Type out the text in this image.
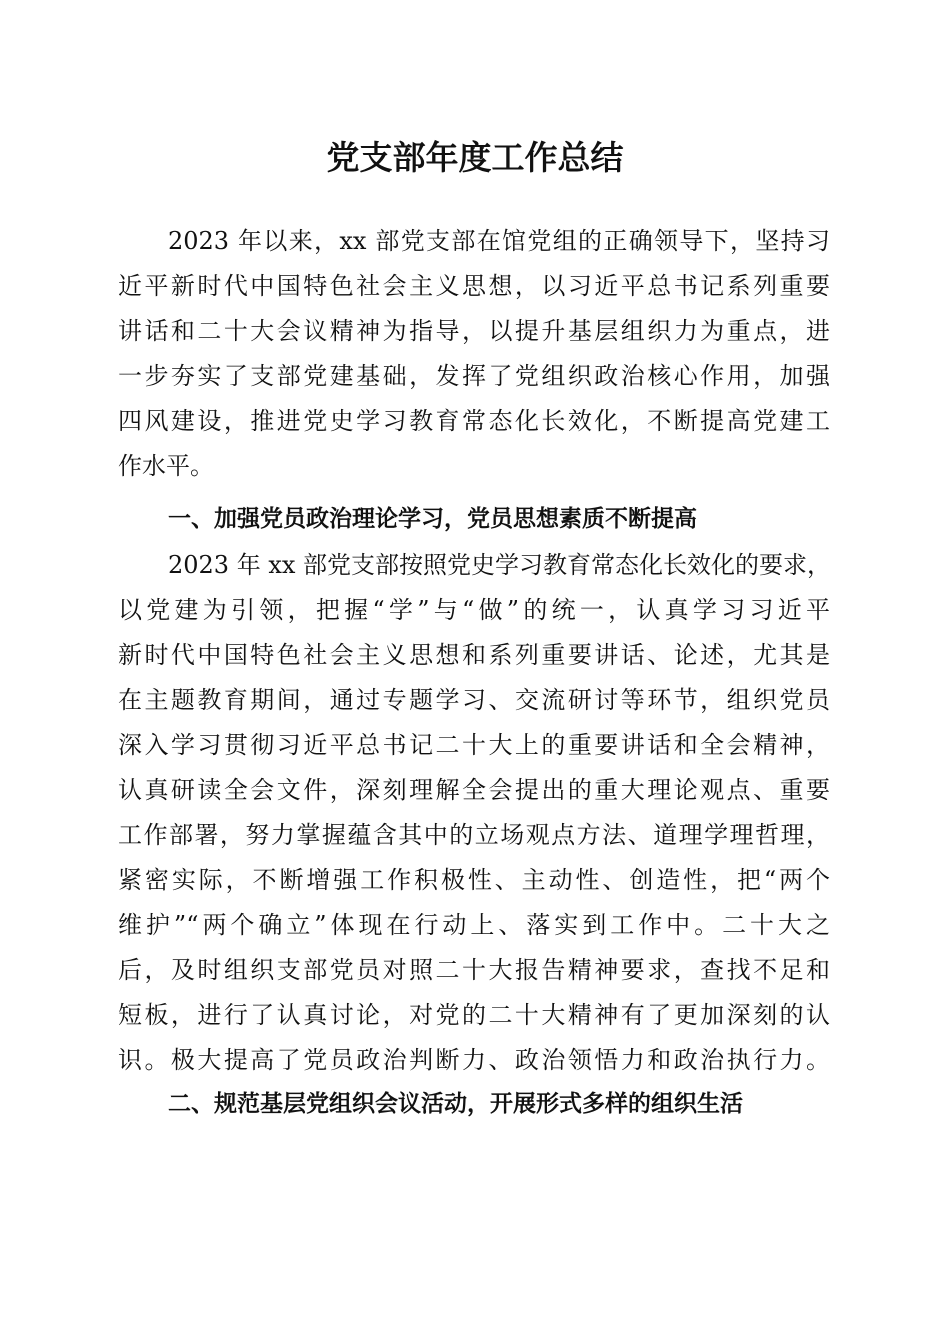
党支部年度工作总结

2023 年以来，xx 部党支部在馆党组的正确领导下，坚持习

近平新时代中国特色社会主义思想，以习近平总书记系列重要

讲话和二十大会议精神为指导，以提升基层组织力为重点，进

一步夯实了支部党建基础，发挥了党组织政治核心作用，加强

四风建设，推进党史学习教育常态化长效化，不断提高党建工

作水平。

一、加强党员政治理论学习，党员思想素质不断提高

2023 年 xx 部党支部按照党史学习教育常态化长效化的要求，

以党建为引领，把握“学”与“做”的统一，认真学习习近平

新时代中国特色社会主义思想和系列重要讲话、论述，尤其是

在主题教育期间，通过专题学习、交流研讨等环节，组织党员

深入学习贯彻习近平总书记二十大上的重要讲话和全会精神，

认真研读全会文件，深刻理解全会提出的重大理论观点、重要

工作部署，努力掌握蕴含其中的立场观点方法、道理学理哲理，

紧密实际，不断增强工作积极性、主动性、创造性，把“两个

维护”“两个确立”体现在行动上、落实到工作中。二十大之

后，及时组织支部党员对照二十大报告精神要求，查找不足和

短板，进行了认真讨论，对党的二十大精神有了更加深刻的认

识。极大提高了党员政治判断力、政治领悟力和政治执行力。

二、规范基层党组织会议活动，开展形式多样的组织生活
